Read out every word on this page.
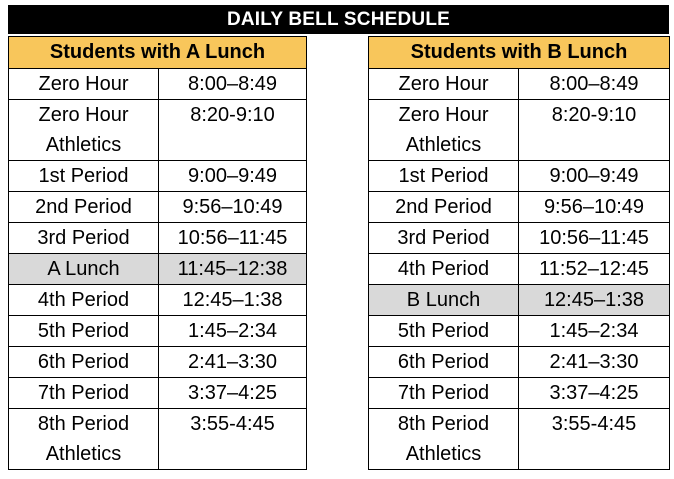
DAILY BELL SCHEDULE
Students with A Lunch	
Zero Hour	8:00–8:49
Zero Hour Athletics	8:20-9:10
1st Period	9:00–9:49
2nd Period	9:56–10:49
3rd Period	10:56–11:45
A Lunch	11:45–12:38
4th Period	12:45–1:38
5th Period	1:45–2:34
6th Period	2:41–3:30
7th Period	3:37–4:25
8th Period Athletics	3:55-4:45
Students with B Lunch	
Zero Hour	8:00–8:49
Zero Hour Athletics	8:20-9:10
1st Period	9:00–9:49
2nd Period	9:56–10:49
3rd Period	10:56–11:45
4th Period	11:52–12:45
B Lunch	12:45–1:38
5th Period	1:45–2:34
6th Period	2:41–3:30
7th Period	3:37–4:25
8th Period Athletics	3:55-4:45
